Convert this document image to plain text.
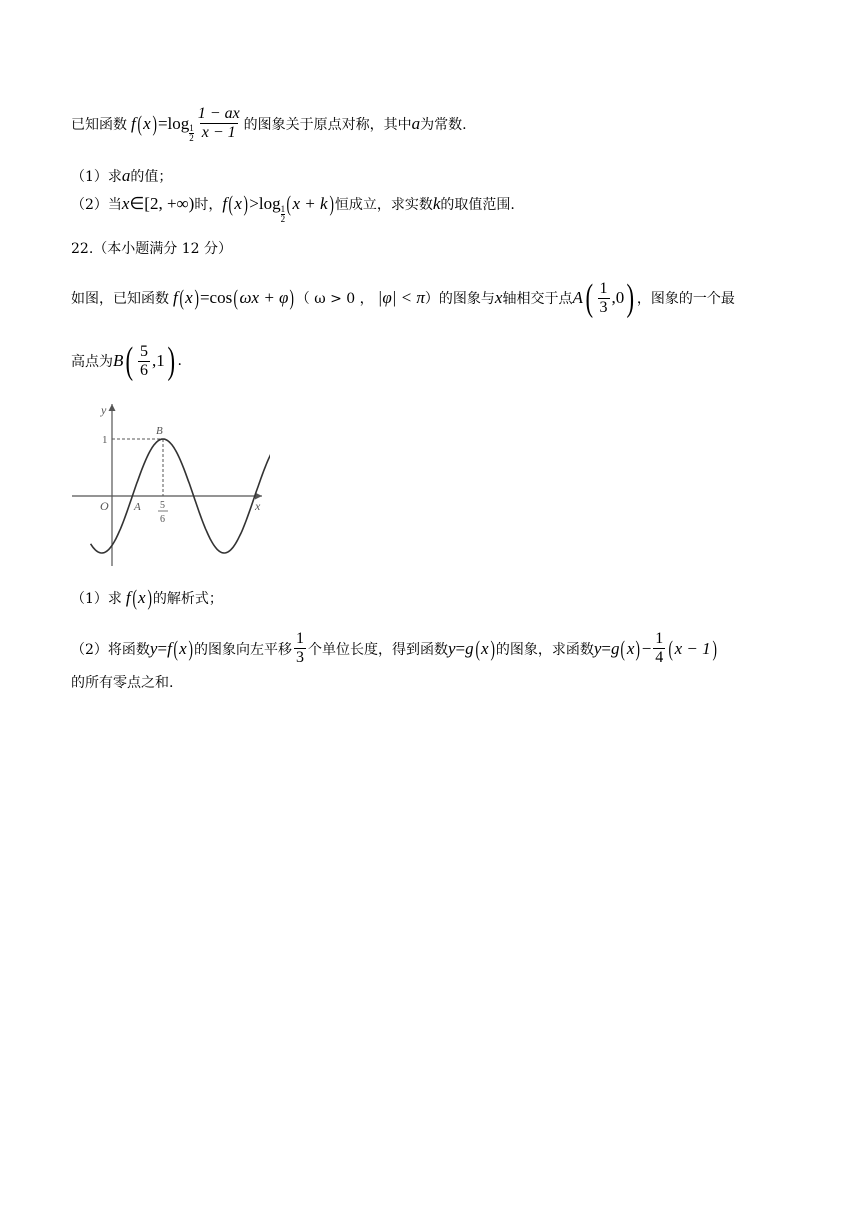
已知函数 f ( x ) = log 1
$2 \frac{1 - ax}{x - 1}$ 的图象关于原点对称，其中 a 为常数.
（1）求 a 的值；
（2）当 x ∈ [ 2, +∞ ) 时， f ( x ) > log 1
2
( x + k ) 恒成立，求实数 k 的取值范围.
22.（本小题满分 12 分）
如图，已知函数 f ( x ) = cos ( ωx + φ ) （ ω > 0 ， |φ| < π ）的图象与 x 轴相交于点 A ( $\frac{1}{3} ,0$ ) ，图象的一个最
高点为 B ( $\frac{5}{6} ,1$ ) .
y
x
O A
B
1
5
6
（1）求 f ( x ) 的解析式；
（2）将函数 y = f ( x ) 的图象向左平移 $\frac{1}{3}$ 个单位长度，得到函数 y = g ( x ) 的图象，求函数 y = g ( x ) − $\frac{1}{4}$ ( x − 1 )
的所有零点之和.
